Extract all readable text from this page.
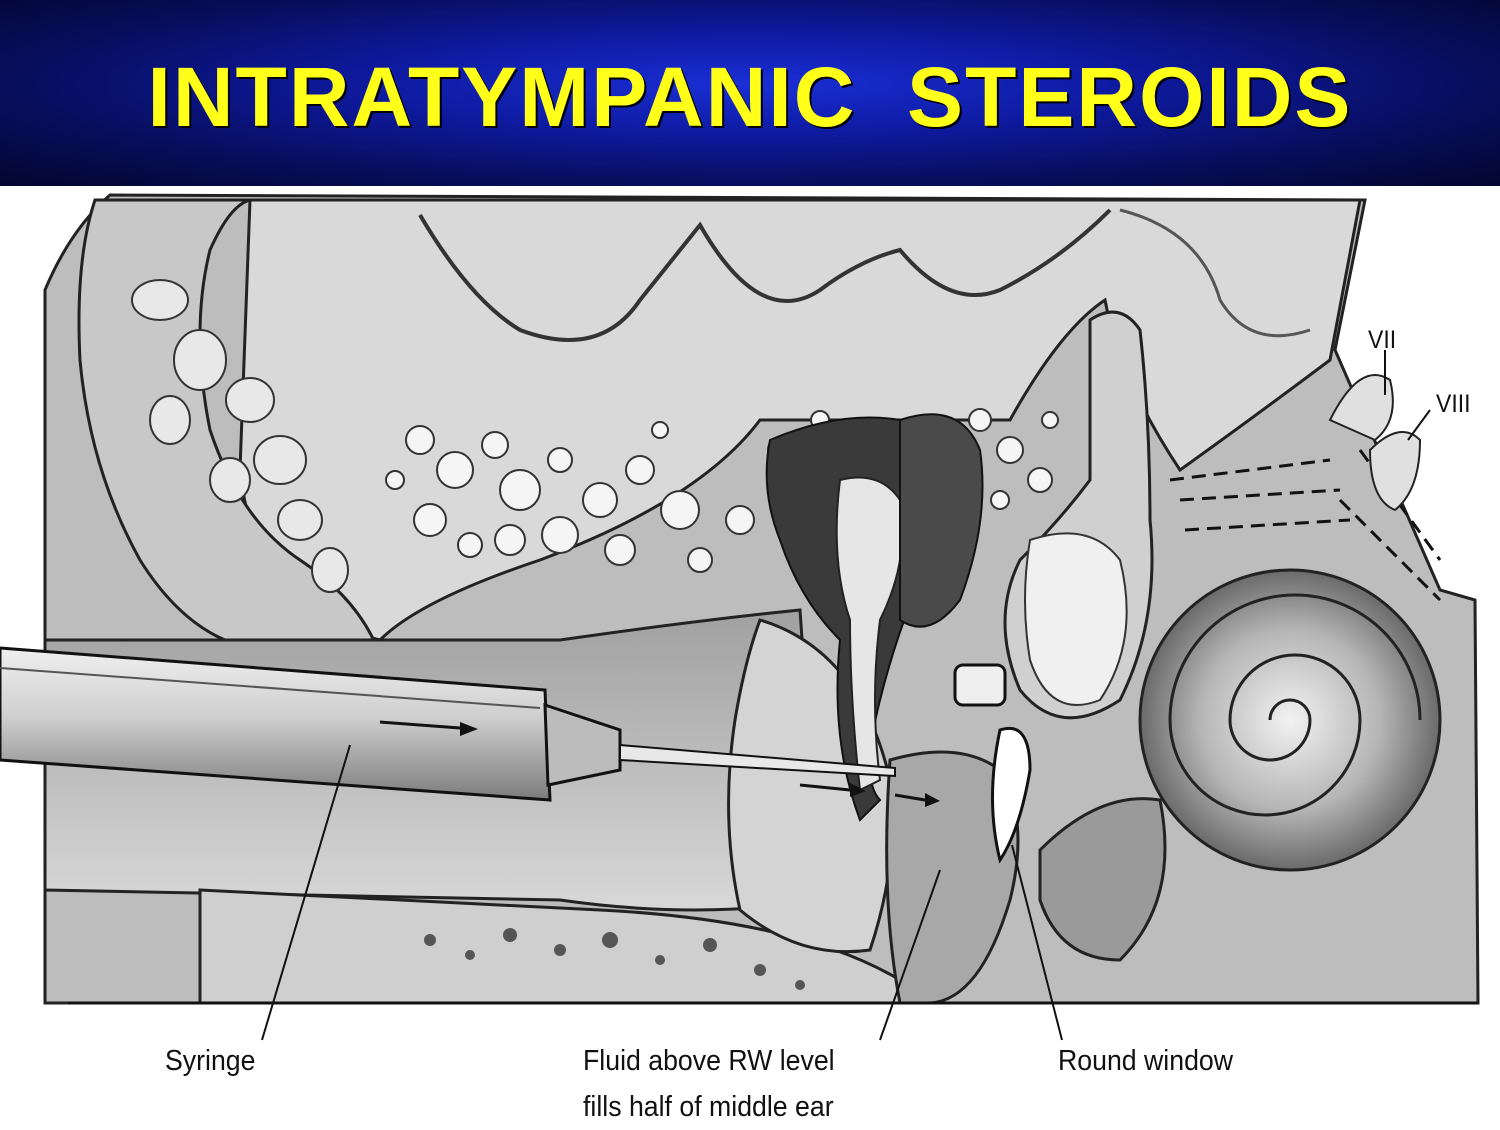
INTRATYMPANIC  STEROIDS
Syringe	Fluid above RW level
fills half of middle ear
Round window
VII
VIII
